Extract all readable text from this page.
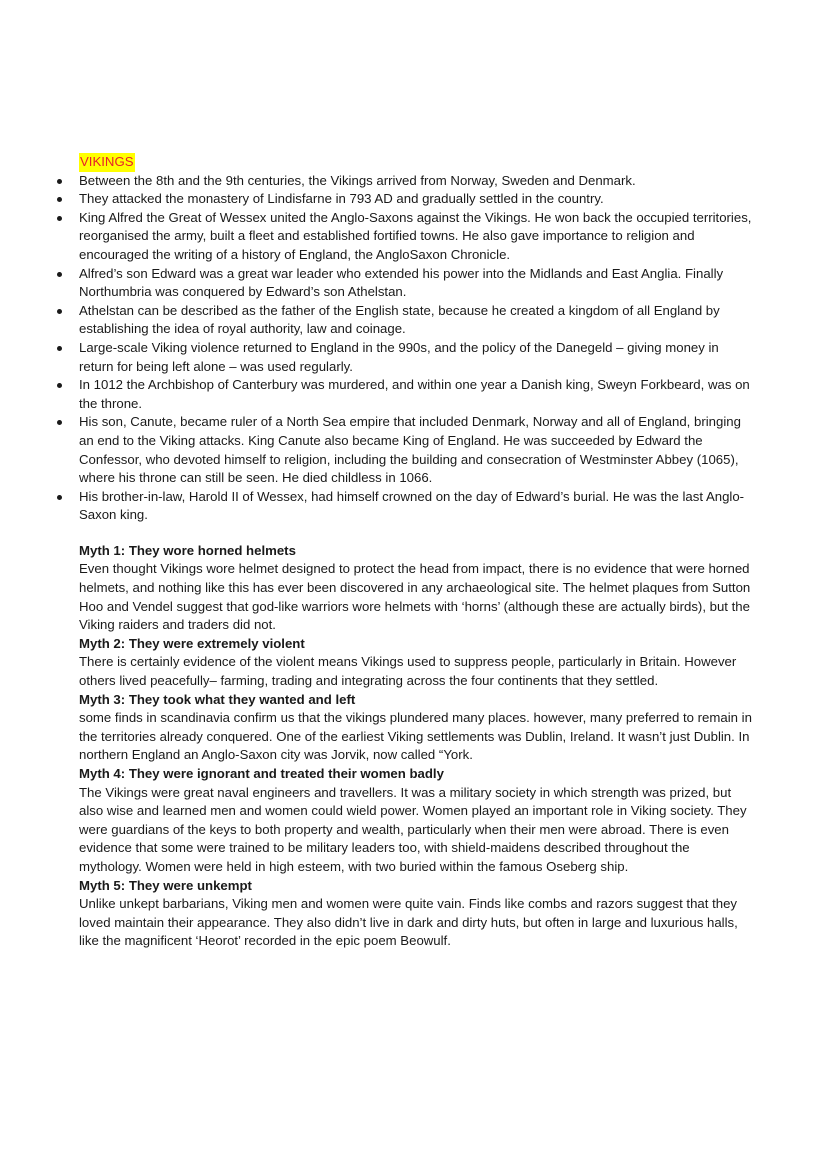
VIKINGS
Between the 8th and the 9th centuries, the Vikings arrived from Norway, Sweden and Denmark.
They attacked the monastery of Lindisfarne in 793 AD and gradually settled in the country.
King Alfred the Great of Wessex united the Anglo-Saxons against the Vikings. He won back the occupied territories, reorganised the army, built a fleet and established fortified towns. He also gave importance to religion and encouraged the writing of a history of England, the AngloSaxon Chronicle.
Alfred’s son Edward was a great war leader who extended his power into the Midlands and East Anglia. Finally Northumbria was conquered by Edward’s son Athelstan.
Athelstan can be described as the father of the English state, because he created a kingdom of all England by establishing the idea of royal authority, law and coinage.
Large-scale Viking violence returned to England in the 990s, and the policy of the Danegeld – giving money in return for being left alone – was used regularly.
In 1012 the Archbishop of Canterbury was murdered, and within one year a Danish king, Sweyn Forkbeard, was on the throne.
His son, Canute, became ruler of a North Sea empire that included Denmark, Norway and all of England, bringing an end to the Viking attacks. King Canute also became King of England. He was succeeded by Edward the Confessor, who devoted himself to religion, including the building and consecration of Westminster Abbey (1065), where his throne can still be seen. He died childless in 1066.
His brother-in-law, Harold II of Wessex, had himself crowned on the day of Edward’s burial. He was the last Anglo-Saxon king.

Myth 1: They wore horned helmets

Even thought Vikings wore helmet designed to protect the head from impact, there is no evidence that were horned helmets, and nothing like this has ever been discovered in any archaeological site. The helmet plaques from Sutton Hoo and Vendel suggest that god-like warriors wore helmets with ‘horns’ (although these are actually birds), but the Viking raiders and traders did not.

Myth 2: They were extremely violent

There is certainly evidence of the violent means Vikings used to suppress people, particularly in Britain. However others lived peacefully– farming, trading and integrating across the four continents that they settled.

Myth 3: They took what they wanted and left

some finds in scandinavia confirm us that the vikings plundered many places. however, many preferred to remain in the territories already conquered. One of the earliest Viking settlements was Dublin, Ireland. It wasn’t just Dublin. In northern England an Anglo-Saxon city was Jorvik, now called “York.

Myth 4: They were ignorant and treated their women badly

The Vikings were great naval engineers and travellers. It was a military society in which strength was prized, but also wise and learned men and women could wield power. Women played an important role in Viking society. They were guardians of the keys to both property and wealth, particularly when their men were abroad. There is even evidence that some were trained to be military leaders too, with shield-maidens described throughout the mythology. Women were held in high esteem, with two buried within the famous Oseberg ship.

Myth 5: They were unkempt

Unlike unkept barbarians, Viking men and women were quite vain. Finds like combs and razors suggest that they loved maintain their appearance. They also didn’t live in dark and dirty huts, but often in large and luxurious halls, like the magnificent ‘Heorot’ recorded in the epic poem Beowulf.
